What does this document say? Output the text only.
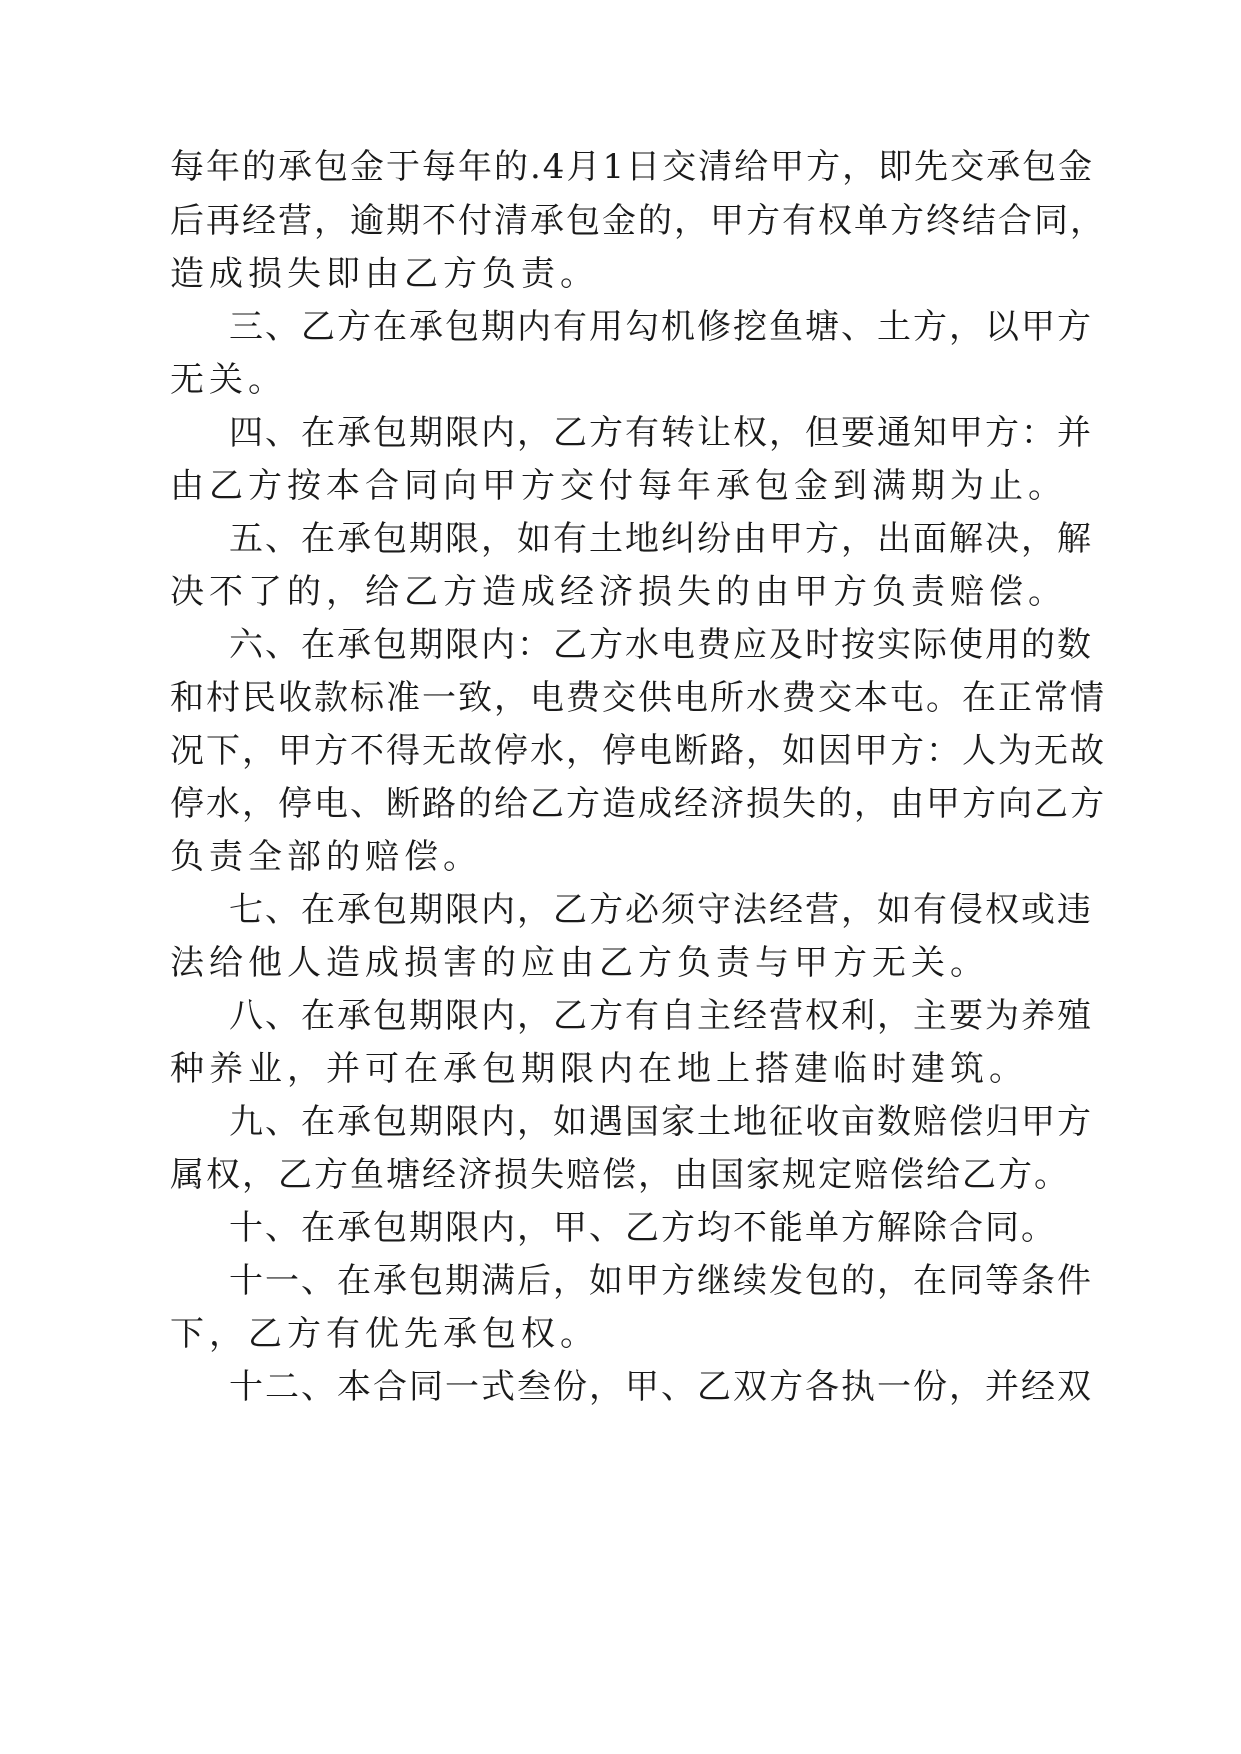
每年的承包金于每年的.4月1日交清给甲方，即先交承包金
后再经营，逾期不付清承包金的，甲方有权单方终结合同，
造成损失即由乙方负责。
三、乙方在承包期内有用勾机修挖鱼塘、土方，以甲方
无关。
四、在承包期限内，乙方有转让权，但要通知甲方：并
由乙方按本合同向甲方交付每年承包金到满期为止。
五、在承包期限，如有土地纠纷由甲方，出面解决，解
决不了的，给乙方造成经济损失的由甲方负责赔偿。
六、在承包期限内：乙方水电费应及时按实际使用的数
和村民收款标准一致，电费交供电所水费交本屯。在正常情
况下，甲方不得无故停水，停电断路，如因甲方：人为无故
停水，停电、断路的给乙方造成经济损失的，由甲方向乙方
负责全部的赔偿。
七、在承包期限内，乙方必须守法经营，如有侵权或违
法给他人造成损害的应由乙方负责与甲方无关。
八、在承包期限内，乙方有自主经营权利，主要为养殖
种养业，并可在承包期限内在地上搭建临时建筑。
九、在承包期限内，如遇国家土地征收亩数赔偿归甲方
属权，乙方鱼塘经济损失赔偿，由国家规定赔偿给乙方。
十、在承包期限内，甲、乙方均不能单方解除合同。
十一、在承包期满后，如甲方继续发包的，在同等条件
下，乙方有优先承包权。
十二、本合同一式叁份，甲、乙双方各执一份，并经双
